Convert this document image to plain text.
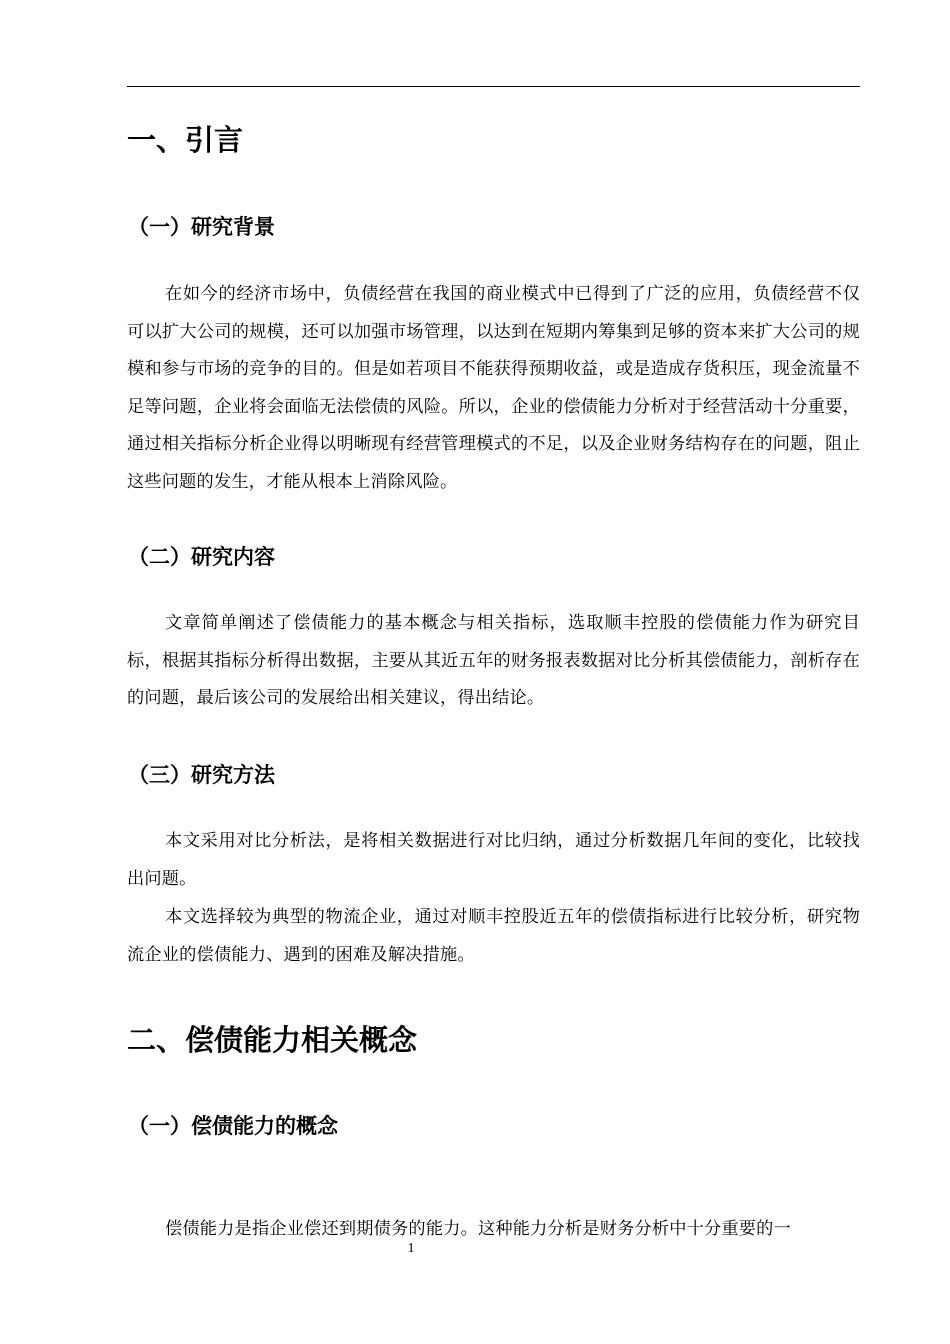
一、引言
（一）研究背景

在如今的经济市场中，负债经营在我国的商业模式中已得到了广泛的应用，负债经营不仅可以扩大公司的规模，还可以加强市场管理，以达到在短期内筹集到足够的资本来扩大公司的规模和参与市场的竞争的目的。但是如若项目不能获得预期收益，或是造成存货积压，现金流量不足等问题，企业将会面临无法偿债的风险。所以，企业的偿债能力分析对于经营活动十分重要，通过相关指标分析企业得以明晰现有经营管理模式的不足，以及企业财务结构存在的问题，阻止这些问题的发生，才能从根本上消除风险。

（二）研究内容

文章简单阐述了偿债能力的基本概念与相关指标，选取顺丰控股的偿债能力作为研究目标，根据其指标分析得出数据，主要从其近五年的财务报表数据对比分析其偿债能力，剖析存在的问题，最后该公司的发展给出相关建议，得出结论。

（三）研究方法

本文采用对比分析法，是将相关数据进行对比归纳，通过分析数据几年间的变化，比较找出问题。

本文选择较为典型的物流企业，通过对顺丰控股近五年的偿债指标进行比较分析，研究物流企业的偿债能力、遇到的困难及解决措施。

二、偿债能力相关概念
（一）偿债能力的概念

偿债能力是指企业偿还到期债务的能力。这种能力分析是财务分析中十分重要的一

1
